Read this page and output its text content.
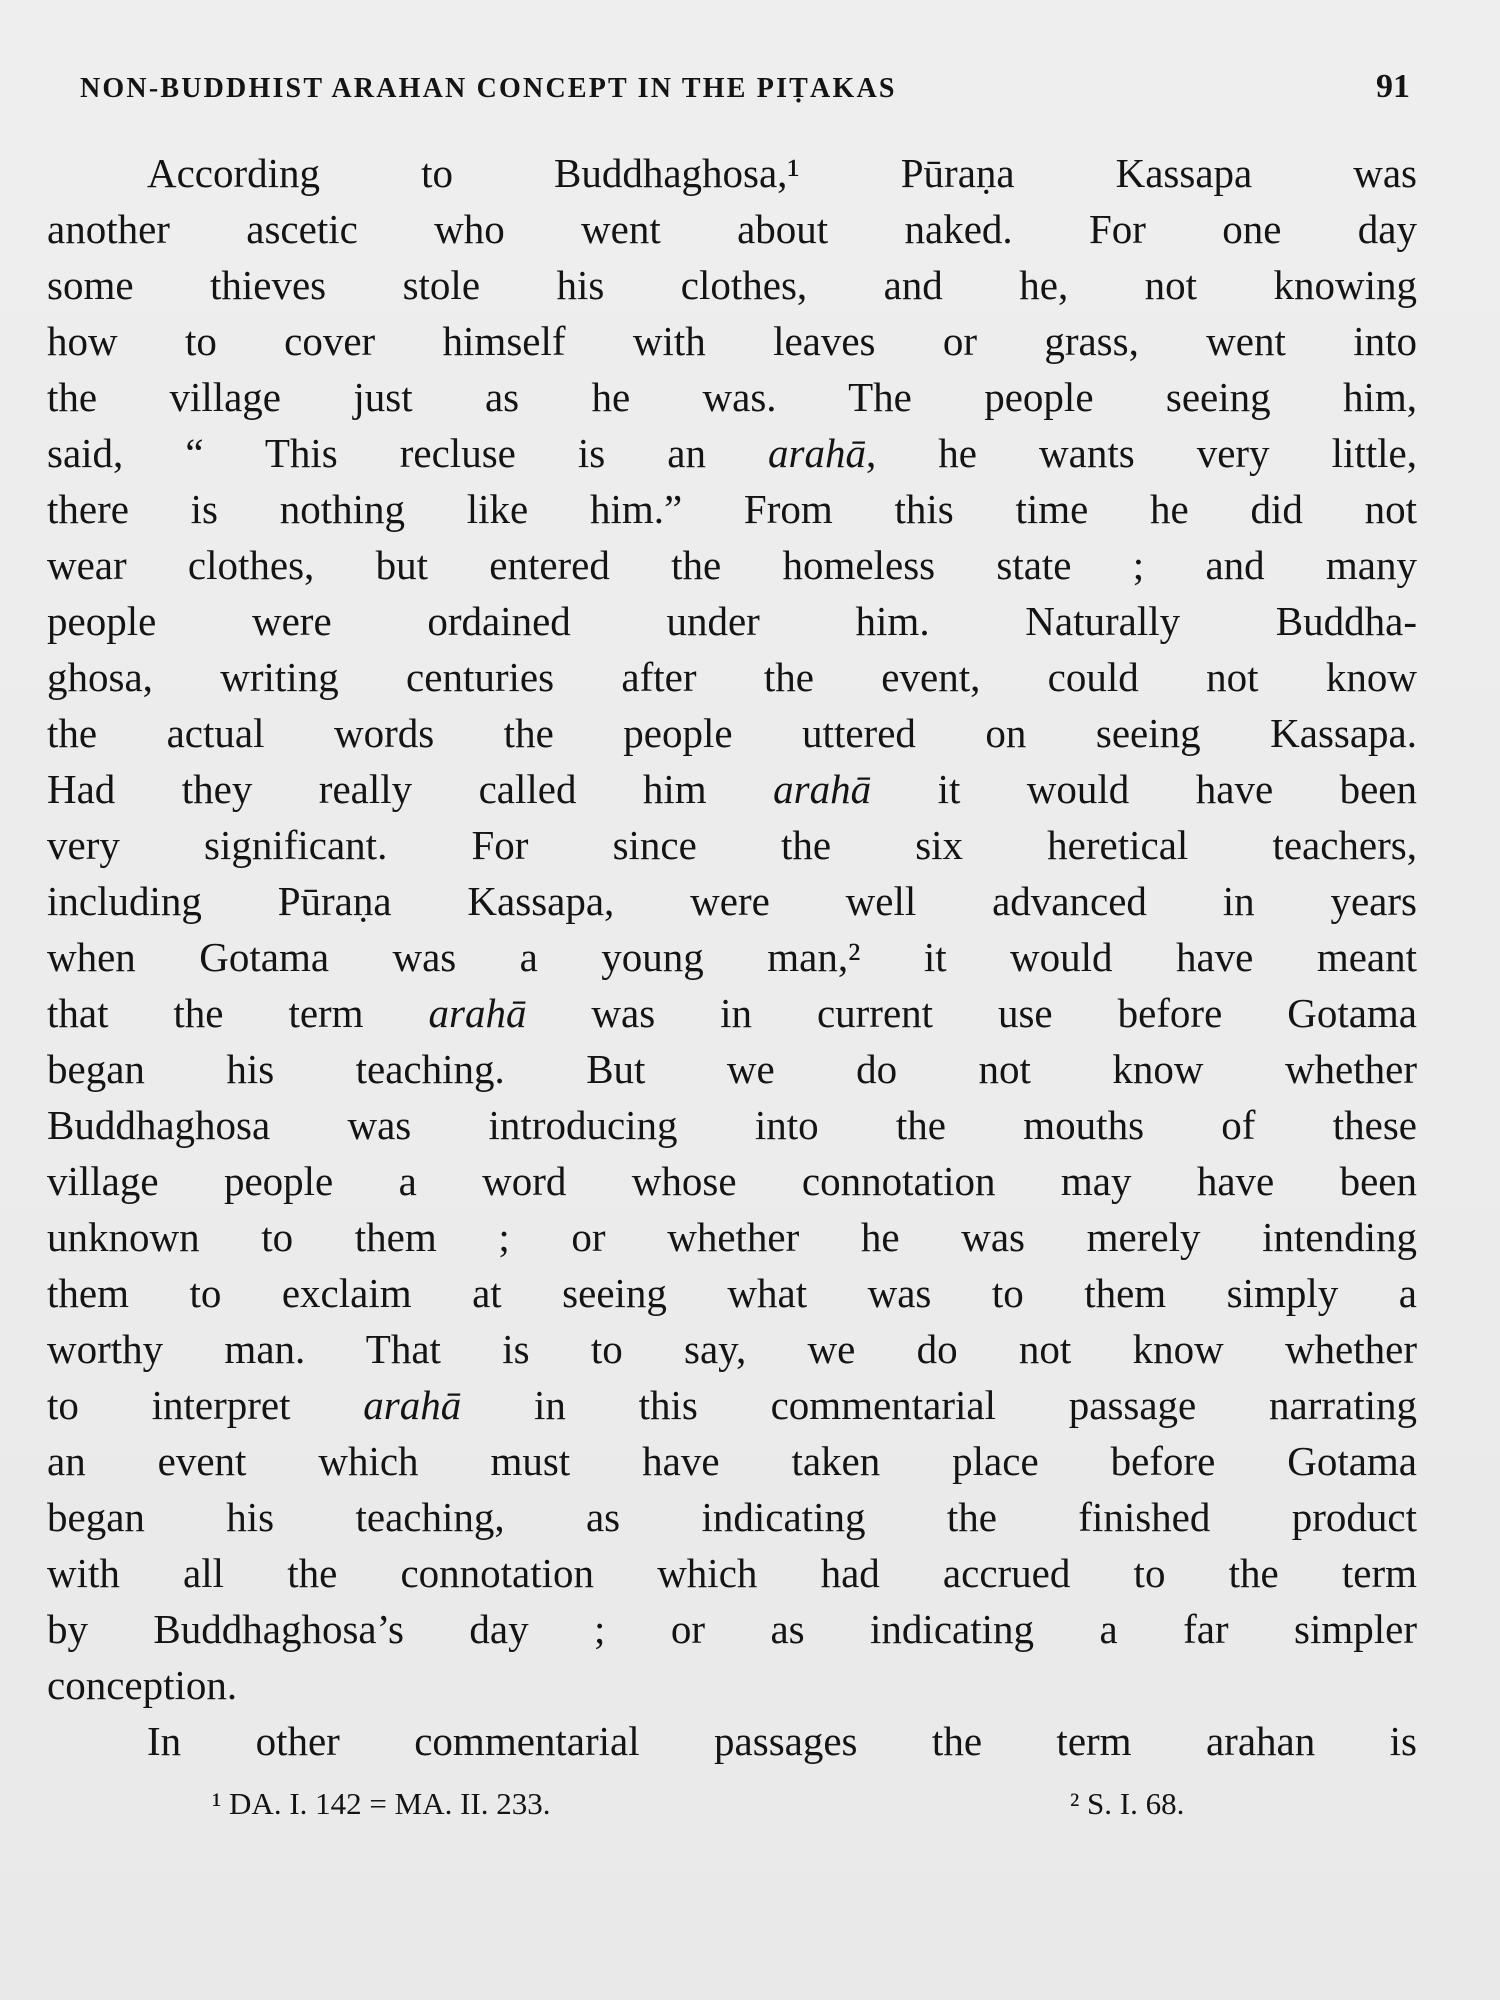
NON-BUDDHIST ARAHAN CONCEPT IN THE PIṬAKAS	91
According to Buddhaghosa,¹ Pūraṇa Kassapa was
another ascetic who went about naked. For one day
some thieves stole his clothes, and he, not knowing
how to cover himself with leaves or grass, went into
the village just as he was. The people seeing him,
said, “ This recluse is an arahā, he wants very little,
there is nothing like him.” From this time he did not
wear clothes, but entered the homeless state ; and many
people were ordained under him. Naturally Buddha-
ghosa, writing centuries after the event, could not know
the actual words the people uttered on seeing Kassapa.
Had they really called him arahā it would have been
very significant. For since the six heretical teachers,
including Pūraṇa Kassapa, were well advanced in years
when Gotama was a young man,² it would have meant
that the term arahā was in current use before Gotama
began his teaching. But we do not know whether
Buddhaghosa was introducing into the mouths of these
village people a word whose connotation may have been
unknown to them ; or whether he was merely intending
them to exclaim at seeing what was to them simply a
worthy man. That is to say, we do not know whether
to interpret arahā in this commentarial passage narrating
an event which must have taken place before Gotama
began his teaching, as indicating the finished product
with all the connotation which had accrued to the term
by Buddhaghosa’s day ; or as indicating a far simpler
conception.
In other commentarial passages the term arahan is
¹ DA. I. 142 = MA. II. 233.	² S. I. 68.
